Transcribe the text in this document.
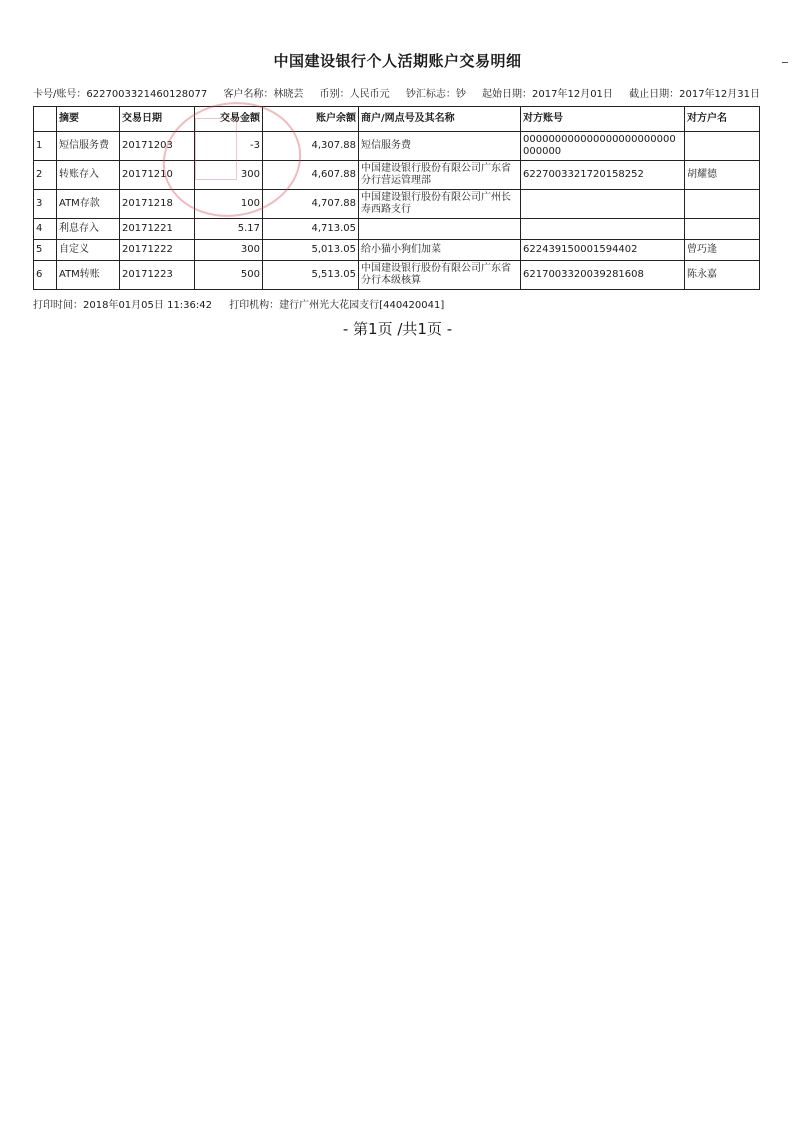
中国建设银行个人活期账户交易明细
卡号/账号：6227003321460128077 客户名称：林晓芸 币别：人民币元 钞汇标志：钞 起始日期：2017年12月01日 截止日期：2017年12月31日
	摘要	交易日期	交易金额	账户余额	商户/网点号及其名称	对方账号	对方户名
1	短信服务费	20171203	-3	4,307.88	短信服务费	000000000000000000000000000000	
2	转账存入	20171210	300	4,607.88	中国建设银行股份有限公司广东省分行营运管理部	6227003321720158252	胡耀德
3	ATM存款	20171218	100	4,707.88	中国建设银行股份有限公司广州长寿西路支行		
4	利息存入	20171221	5.17	4,713.05			
5	自定义	20171222	300	5,013.05	给小猫小狗们加菜	622439150001594402	曾巧逢
6	ATM转账	20171223	500	5,513.05	中国建设银行股份有限公司广东省分行本级核算	6217003320039281608	陈永嘉
打印时间：2018年01月05日 11:36:42 打印机构：建行广州光大花园支行[440420041]
- 第1页 /共1页 -
